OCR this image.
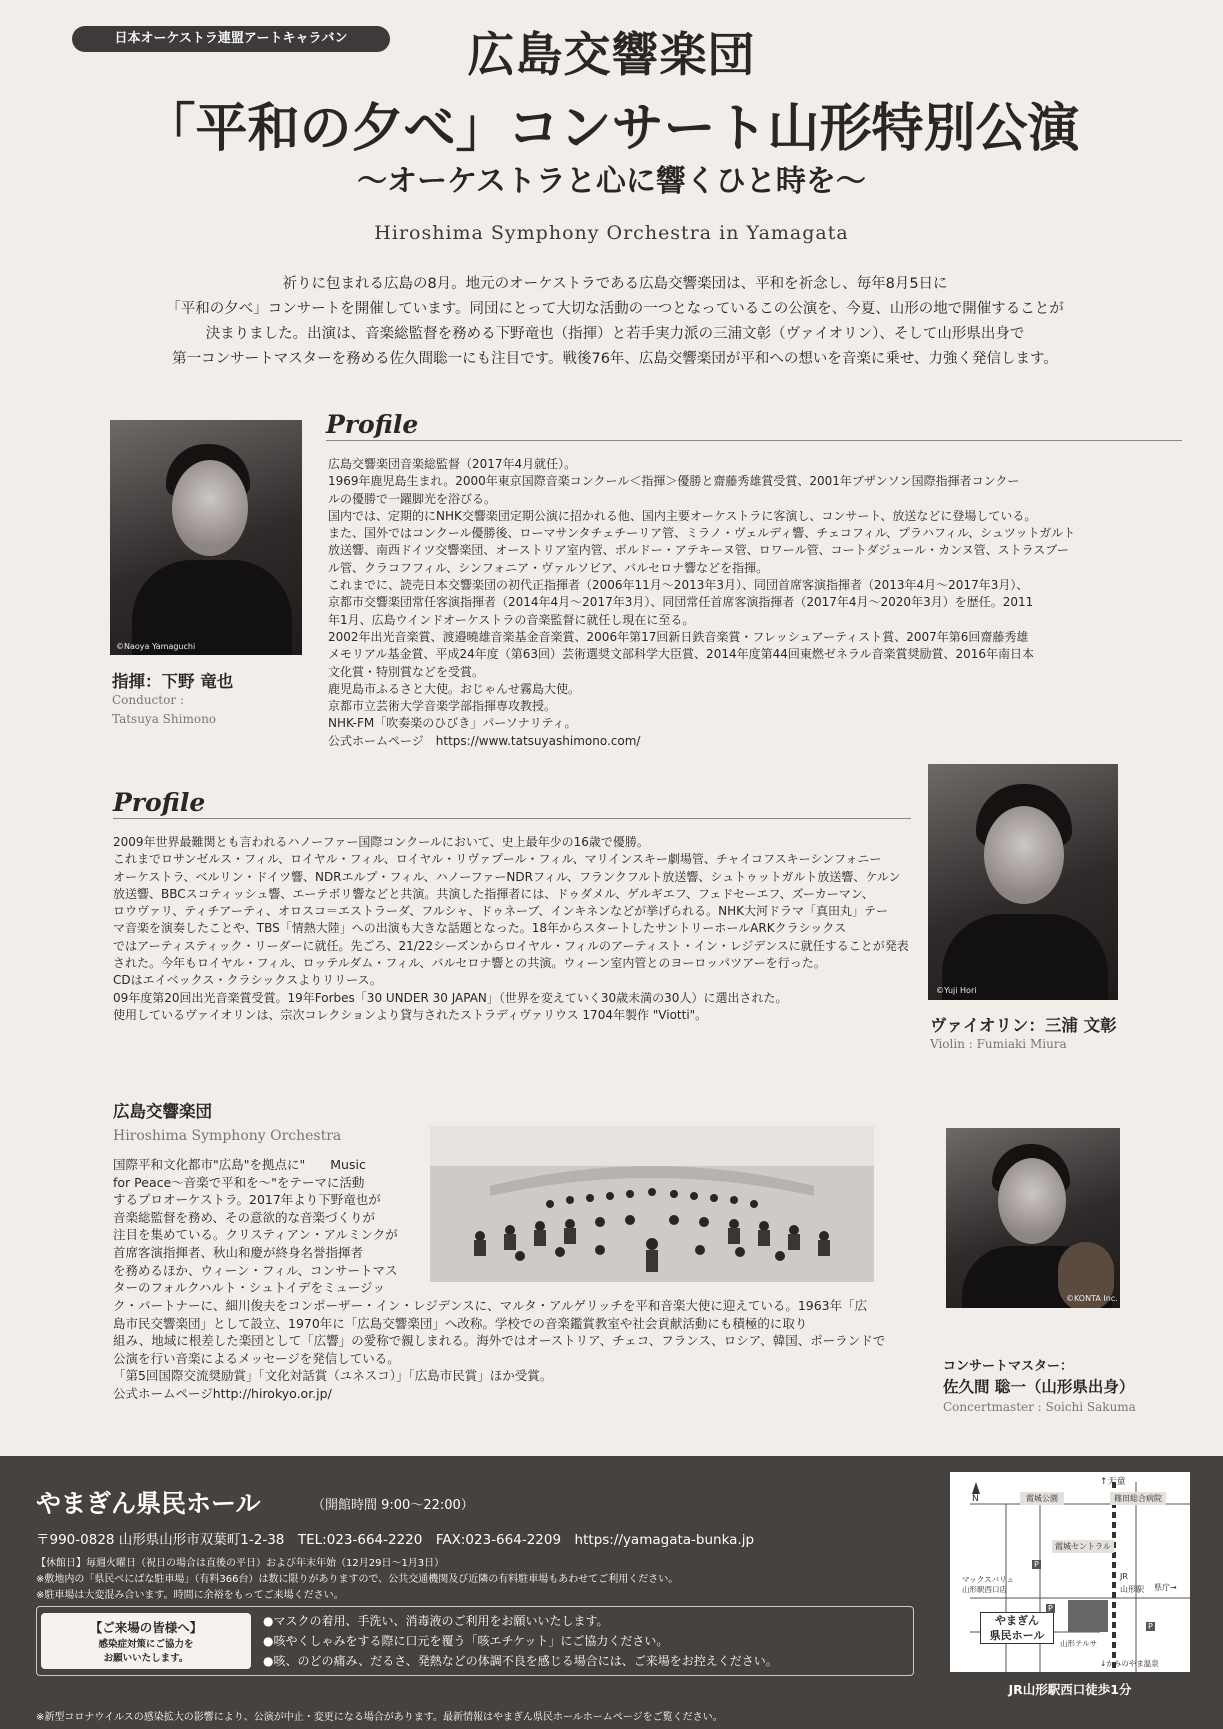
日本オーケストラ連盟アートキャラバン	広島交響楽団
「平和の夕べ」コンサート山形特別公演
〜オーケストラと心に響くひと時を〜
Hiroshima Symphony Orchestra in Yamagata

祈りに包まれる広島の8月。地元のオーケストラである広島交響楽団は、平和を祈念し、毎年8月5日に

「平和の夕べ」コンサートを開催しています。同団にとって大切な活動の一つとなっているこの公演を、今夏、山形の地で開催することが

決まりました。出演は、音楽総監督を務める下野竜也（指揮）と若手実力派の三浦文彰（ヴァイオリン）、そして山形県出身で

第一コンサートマスターを務める佐久間聡一にも注目です。戦後76年、広島交響楽団が平和への想いを音楽に乗せ、力強く発信します。

©Naoya Yamaguchi
Profile

広島交響楽団音楽総監督（2017年4月就任）。

1969年鹿児島生まれ。2000年東京国際音楽コンクール＜指揮＞優勝と齋藤秀雄賞受賞、2001年ブザンソン国際指揮者コンクー

ルの優勝で一躍脚光を浴びる。

国内では、定期的にNHK交響楽団定期公演に招かれる他、国内主要オーケストラに客演し、コンサート、放送などに登場している。

また、国外ではコンクール優勝後、ローマサンタチェチーリア管、ミラノ・ヴェルディ響、チェコフィル、プラハフィル、シュツットガルト

放送響、南西ドイツ交響楽団、オーストリア室内管、ボルドー・アテキーヌ管、ロワール管、コートダジュール・カンヌ管、ストラスブー

ル管、クラコフフィル、シンフォニア・ヴァルソビア、バルセロナ響などを指揮。

これまでに、読売日本交響楽団の初代正指揮者（2006年11月〜2013年3月）、同団首席客演指揮者（2013年4月〜2017年3月）、

京都市交響楽団常任客演指揮者（2014年4月〜2017年3月）、同団常任首席客演指揮者（2017年4月〜2020年3月）を歴任。2011

年1月、広島ウインドオーケストラの音楽監督に就任し現在に至る。

2002年出光音楽賞、渡邉曉雄音楽基金音楽賞、2006年第17回新日鉄音楽賞・フレッシュアーティスト賞、2007年第6回齋藤秀雄

メモリアル基金賞、平成24年度（第63回）芸術選奨文部科学大臣賞、2014年度第44回東燃ゼネラル音楽賞奨励賞、2016年南日本

文化賞・特別賞などを受賞。

鹿児島市ふるさと大使。おじゃんせ霧島大使。

京都市立芸術大学音楽学部指揮専攻教授。

NHK-FM「吹奏楽のひびき」パーソナリティ。

公式ホームページ　https://www.tatsuyashimono.com/

指揮：下野 竜也
Conductor :
Tatsuya Shimono
Profile

2009年世界最難関とも言われるハノーファー国際コンクールにおいて、史上最年少の16歳で優勝。

これまでロサンゼルス・フィル、ロイヤル・フィル、ロイヤル・リヴァプール・フィル、マリインスキー劇場管、チャイコフスキーシンフォニー

オーケストラ、ベルリン・ドイツ響、NDRエルプ・フィル、ハノーファーNDRフィル、フランクフルト放送響、シュトゥットガルト放送響、ケルン

放送響、BBCスコティッシュ響、エーテボリ響などと共演。共演した指揮者には、ドゥダメル、ゲルギエフ、フェドセーエフ、ズーカーマン、

ロウヴァリ、ティチアーティ、オロスコ＝エストラーダ、フルシャ、ドゥネーブ、インキネンなどが挙げられる。NHK大河ドラマ「真田丸」テー

マ音楽を演奏したことや、TBS「情熱大陸」への出演も大きな話題となった。18年からスタートしたサントリーホールARKクラシックス

ではアーティスティック・リーダーに就任。先ごろ、21/22シーズンからロイヤル・フィルのアーティスト・イン・レジデンスに就任することが発表された。今年もロイヤル・フィル、ロッテルダム・フィル、バルセロナ響との共演。ウィーン室内管とのヨーロッパツアーを行った。

CDはエイベックス・クラシックスよりリリース。

09年度第20回出光音楽賞受賞。19年Forbes「30 UNDER 30 JAPAN」（世界を変えていく30歳未満の30人）に選出された。

使用しているヴァイオリンは、宗次コレクションより貸与されたストラディヴァリウス 1704年製作 "Viotti"。

©Yuji Hori
ヴァイオリン：三浦 文彰
Violin : Fumiaki Miura
広島交響楽団
Hiroshima Symphony Orchestra

国際平和文化都市"広島"を拠点に"　　Music

for Peace〜音楽で平和を〜"をテーマに活動

するプロオーケストラ。2017年より下野竜也が

音楽総監督を務め、その意欲的な音楽づくりが

注目を集めている。クリスティアン・アルミンクが

首席客演指揮者、秋山和慶が終身名誉指揮者

を務めるほか、ウィーン・フィル、コンサートマス

ターのフォルクハルト・シュトイデをミュージッ

ク・パートナーに、細川俊夫をコンポーザー・イン・レジデンスに、マルタ・アルゲリッチを平和音楽大使に迎えている。1963年「広

島市民交響楽団」として設立、1970年に「広島交響楽団」へ改称。学校での音楽鑑賞教室や社会貢献活動にも積極的に取り

組み、地域に根差した楽団として「広響」の愛称で親しまれる。海外ではオーストリア、チェコ、フランス、ロシア、韓国、ポーランドで

公演を行い音楽によるメッセージを発信している。

「第5回国際交流奨励賞」「文化対話賞（ユネスコ）」「広島市民賞」ほか受賞。

公式ホームページhttp://hirokyo.or.jp/

©KONTA Inc.
コンサートマスター：
佐久間 聡一（山形県出身）
Concertmaster : Soichi Sakuma
やまぎん県民ホール	（開館時間 9:00〜22:00）
〒990-0828 山形県山形市双葉町1-2-38　TEL:023-664-2220　FAX:023-664-2209　https://yamagata-bunka.jp
【休館日】毎週火曜日（祝日の場合は直後の平日）および年末年始（12月29日〜1月3日）
※敷地内の「県民ぺにばな駐車場」（有料366台）は数に限りがありますので、公共交通機関及び近隣の有料駐車場もあわせてご利用ください。
※駐車場は大変混み合います。時間に余裕をもってご来場ください。
【ご来場の皆様へ】
感染症対策にご協力を
お願いいたします。
●マスクの着用、手洗い、消毒液のご利用をお願いいたします。
●咳やくしゃみをする際に口元を覆う「咳エチケット」にご協力ください。
●咳、のどの痛み、だるさ、発熱などの体調不良を感じる場合には、ご来場をお控えください。
※新型コロナウイルスの感染拡大の影響により、公演が中止・変更になる場合があります。最新情報はやまぎん県民ホールホームページをご覧ください。
N
↑天童
霞城公園	篠田総合病院
霞城セントラル
マックスバリュ
山形駅西口店
JR
山形駅 県庁→
やまぎん
県民ホール
山形テルサ
↓かみのやま温泉
P
P
P
JR山形駅西口徒歩1分
